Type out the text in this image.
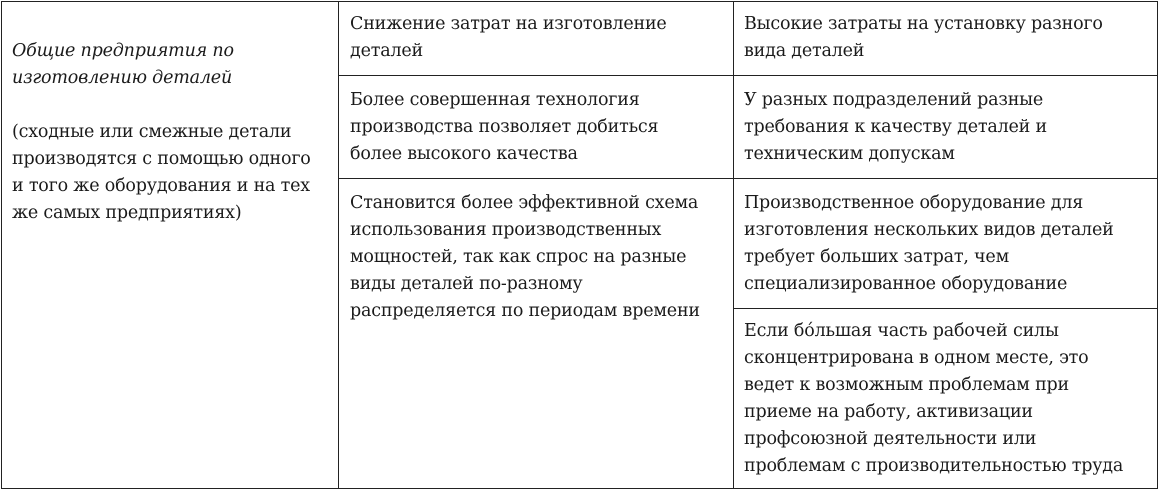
Общие предприятия по
изготовлению деталей

(сходные или смежные детали
производятся с помощью одного
и того же оборудования и на тех
же самых предприятиях)

Снижение затрат на изготовление
деталей
Более совершенная технология
производства позволяет добиться
более высокого качества
Становится более эффективной схема
использования производственных
мощностей, так как спрос на разные
виды деталей по-разному
распределяется по периодам времени
Высокие затраты на установку разного
вида деталей
У разных подразделений разные
требования к качеству деталей и
техническим допускам
Производственное оборудование для
изготовления нескольких видов деталей
требует больших затрат, чем
специализированное оборудование
Если бóльшая часть рабочей силы
сконцентрирована в одном месте, это
ведет к возможным проблемам при
приеме на работу, активизации
профсоюзной деятельности или
проблемам с производительностью труда
